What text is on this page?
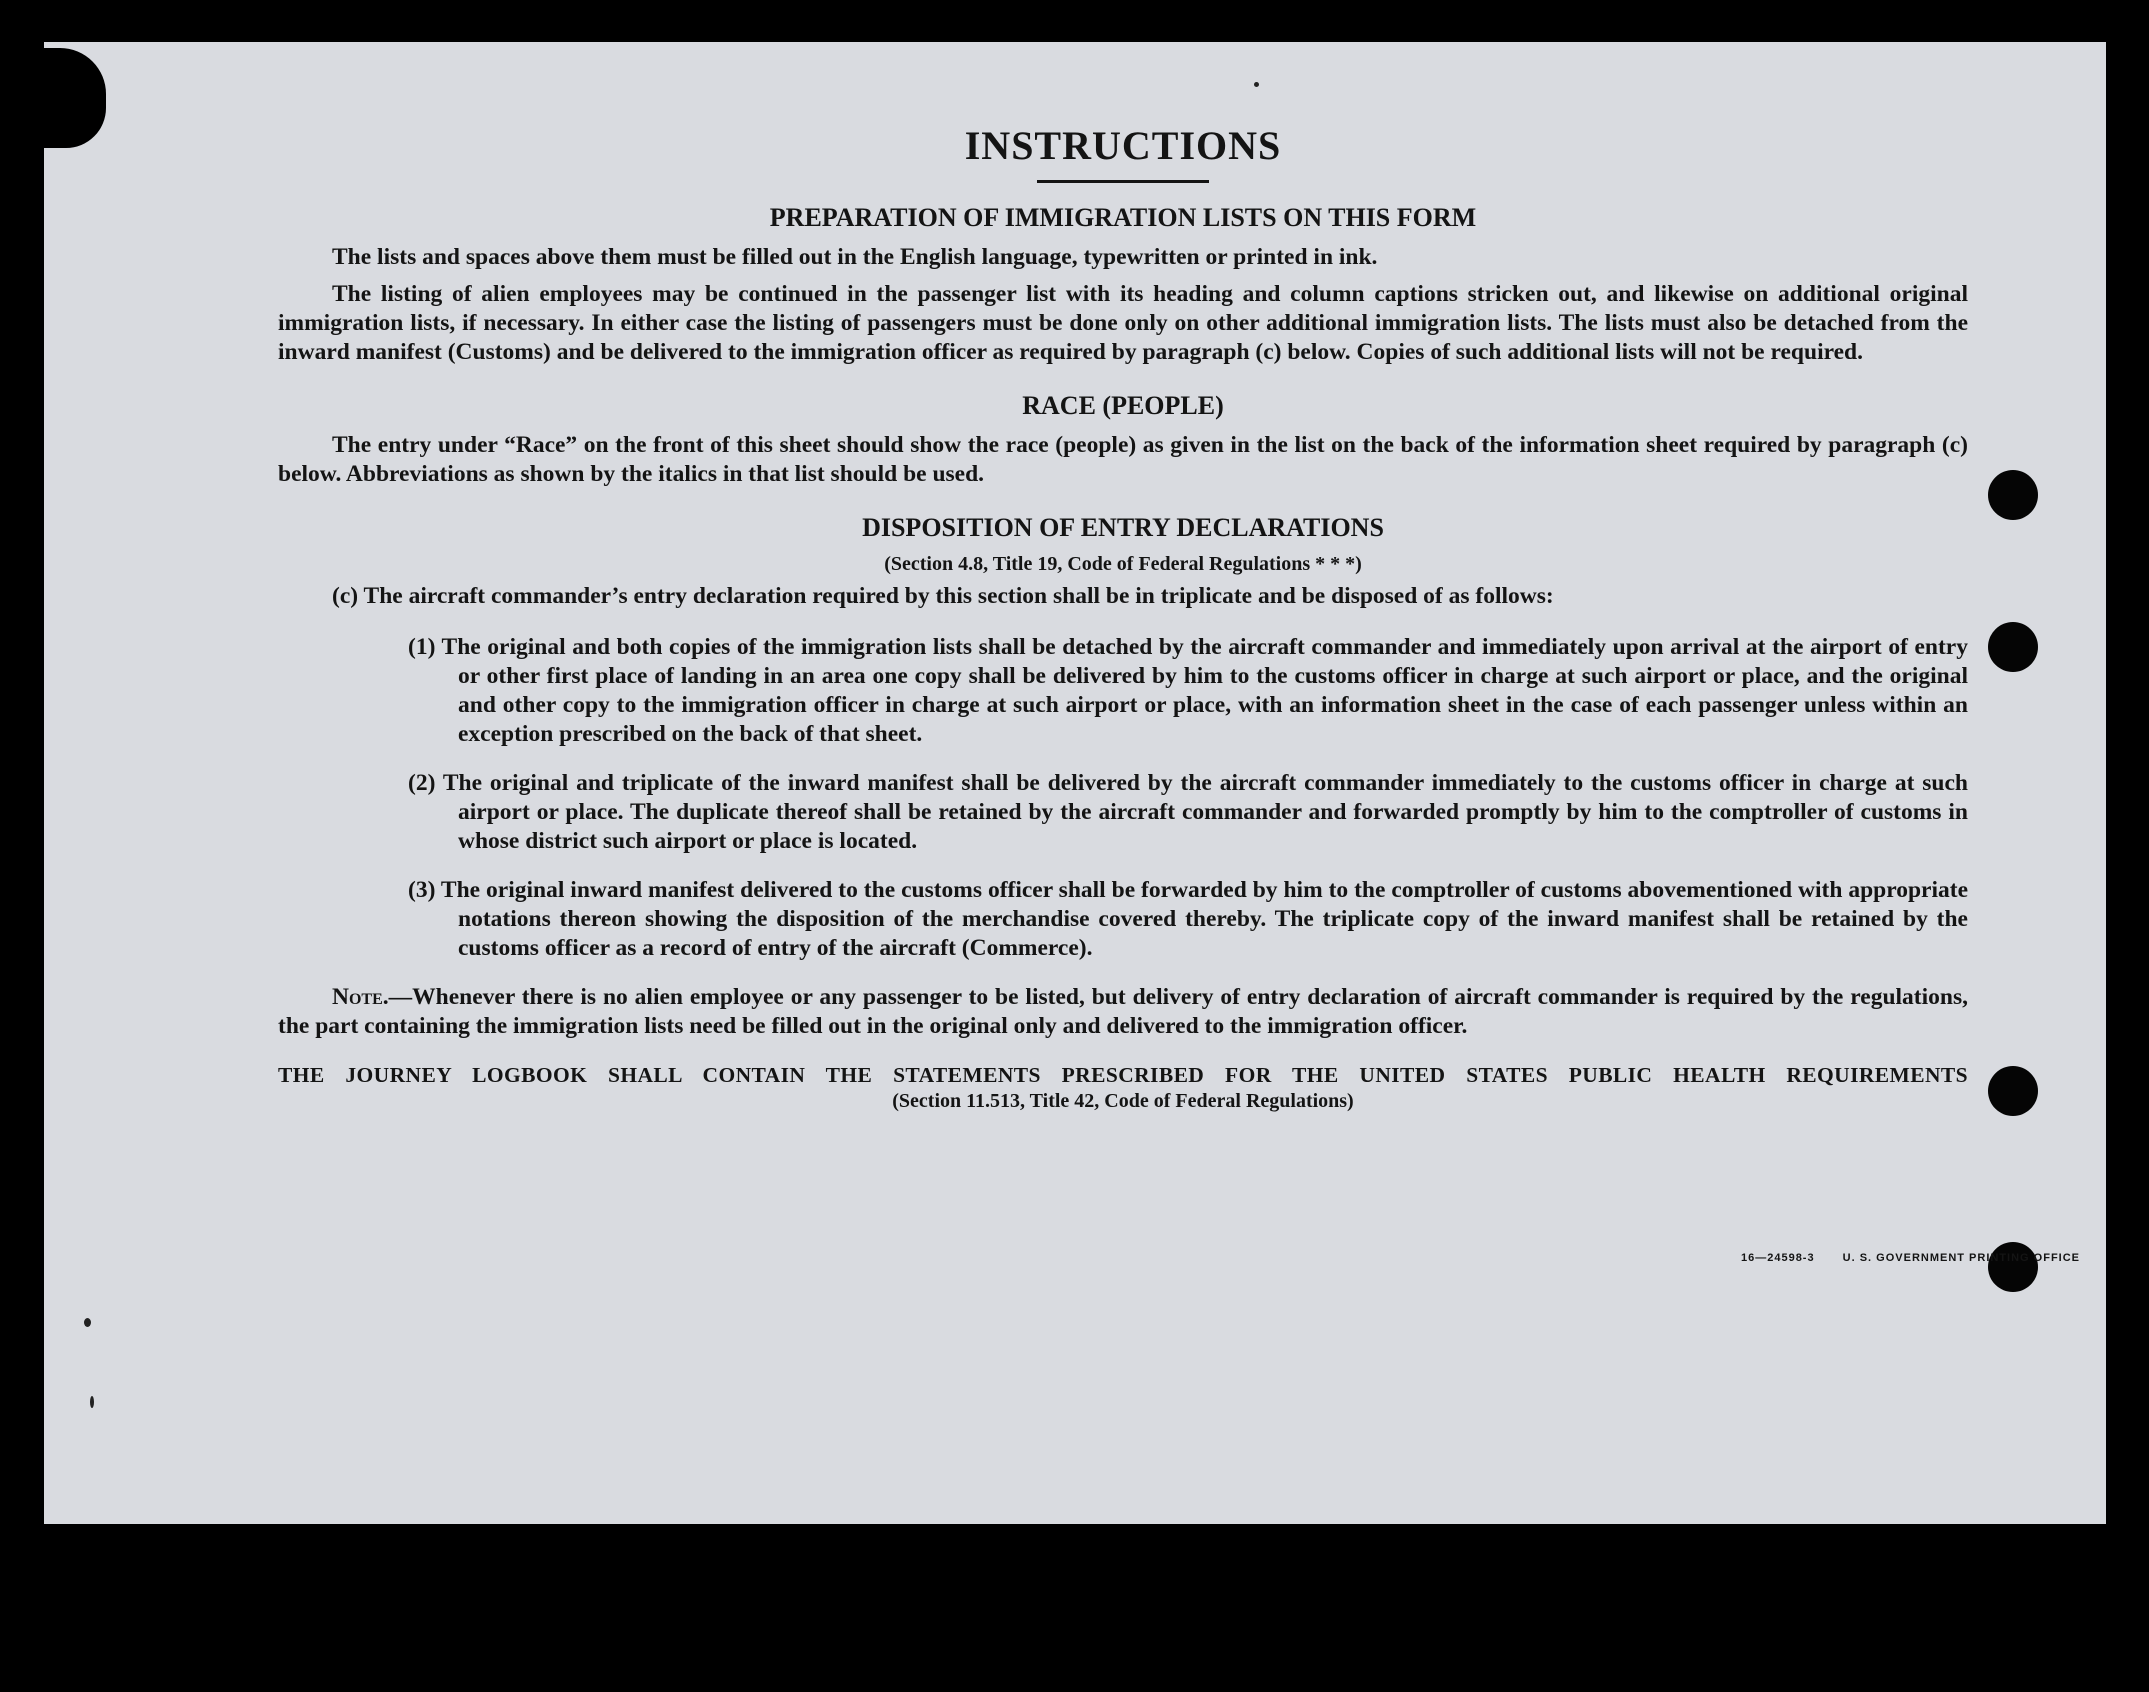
INSTRUCTIONS
PREPARATION OF IMMIGRATION LISTS ON THIS FORM

The lists and spaces above them must be filled out in the English language, typewritten or printed in ink.

The listing of alien employees may be continued in the passenger list with its heading and column captions stricken out, and likewise on additional original immigration lists, if necessary. In either case the listing of passengers must be done only on other additional immigration lists. The lists must also be detached from the inward manifest (Customs) and be delivered to the immigration officer as required by paragraph (c) below. Copies of such additional lists will not be required.

RACE (PEOPLE)

The entry under “Race” on the front of this sheet should show the race (people) as given in the list on the back of the information sheet required by paragraph (c) below. Abbreviations as shown by the italics in that list should be used.

DISPOSITION OF ENTRY DECLARATIONS
(Section 4.8, Title 19, Code of Federal Regulations * * *)

(c) The aircraft commander’s entry declaration required by this section shall be in triplicate and be disposed of as follows:

(1) The original and both copies of the immigration lists shall be detached by the aircraft commander and immediately upon arrival at the airport of entry or other first place of landing in an area one copy shall be delivered by him to the customs officer in charge at such airport or place, and the original and other copy to the immigration officer in charge at such airport or place, with an information sheet in the case of each passenger unless within an exception prescribed on the back of that sheet.
(2) The original and triplicate of the inward manifest shall be delivered by the aircraft commander immediately to the customs officer in charge at such airport or place. The duplicate thereof shall be retained by the aircraft commander and forwarded promptly by him to the comptroller of customs in whose district such airport or place is located.
(3) The original inward manifest delivered to the customs officer shall be forwarded by him to the comptroller of customs abovementioned with appropriate notations thereon showing the disposition of the merchandise covered thereby. The triplicate copy of the inward manifest shall be retained by the customs officer as a record of entry of the aircraft (Commerce).

Note.—Whenever there is no alien employee or any passenger to be listed, but delivery of entry declaration of aircraft commander is required by the regulations, the part containing the immigration lists need be filled out in the original only and delivered to the immigration officer.

THE JOURNEY LOGBOOK SHALL CONTAIN THE STATEMENTS PRESCRIBED FOR THE UNITED STATES PUBLIC HEALTH REQUIREMENTS
(Section 11.513, Title 42, Code of Federal Regulations)
16—24598-3	U. S. GOVERNMENT PRINTING OFFICE
